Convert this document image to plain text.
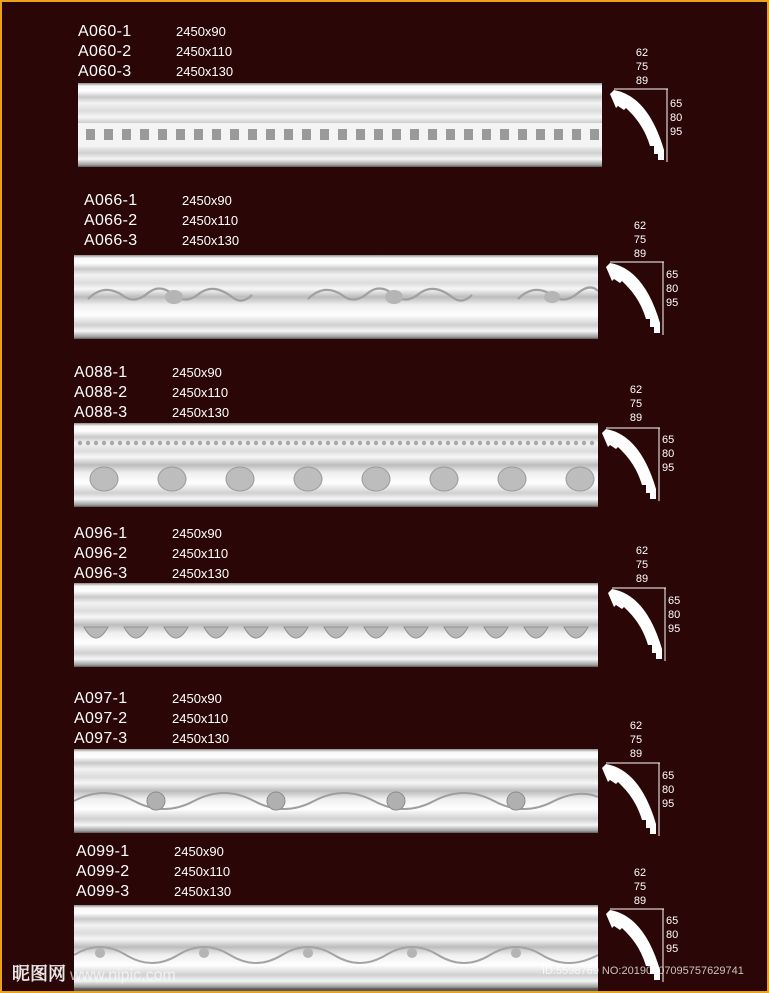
A060-1	2450x90
A060-2	2450x110
A060-3	2450x130
62
75
89
65
80
95
A066-1	2450x90
A066-2	2450x110
A066-3	2450x130
62
75
89
65
80
95
A088-1	2450x90
A088-2	2450x110
A088-3	2450x130
62
75
89
65
80
95
A096-1	2450x90
A096-2	2450x110
A096-3	2450x130
62
75
89
65
80
95
A097-1	2450x90
A097-2	2450x110
A097-3	2450x130
62
75
89
65
80
95
A099-1	2450x90
A099-2	2450x110
A099-3	2450x130
62
75
89
65
80
95
昵图网 www.nipic.com	ID:5598769 NO:20190807095757629741
